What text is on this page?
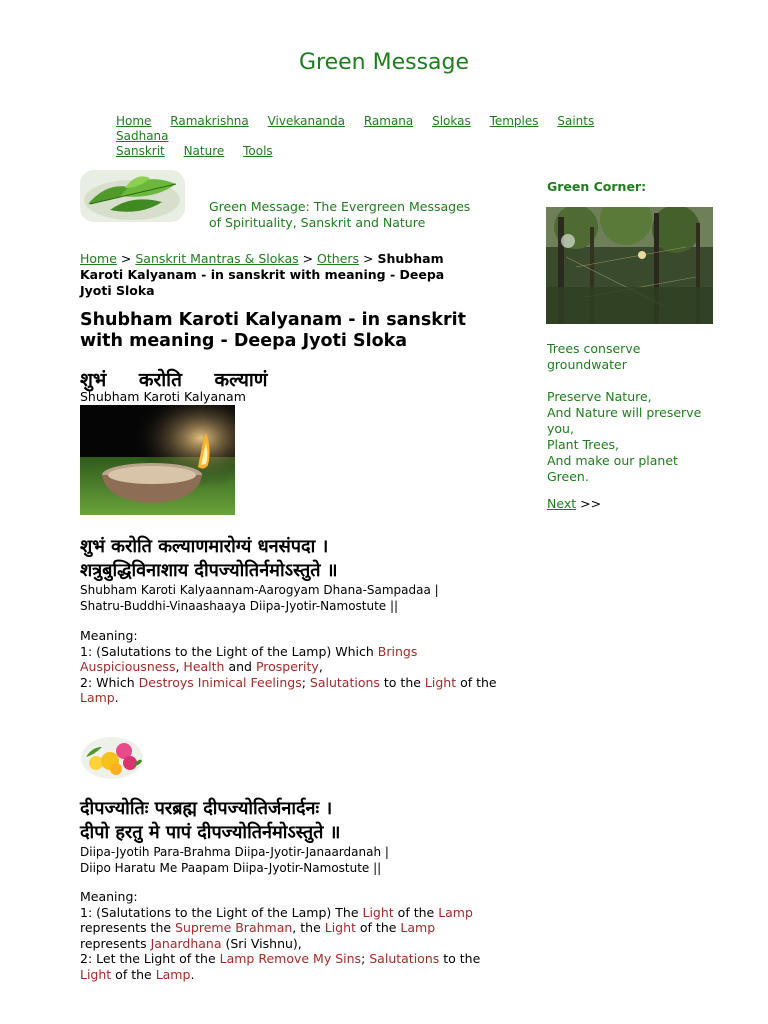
Green Message
Home Ramakrishna Vivekananda Ramana Slokas Temples Saints Sadhana
Sanskrit Nature Tools
Green Message: The Evergreen Messages
of Spirituality, Sanskrit and Nature
Home > Sanskrit Mantras & Slokas > Others > Shubham Karoti Kalyanam - in sanskrit with meaning - Deepa Jyoti Sloka
Shubham Karoti Kalyanam - in sanskrit with meaning - Deepa Jyoti Sloka
शुभं करोति कल्याणं
Shubham Karoti Kalyanam
शुभं करोति कल्याणमारोग्यं धनसंपदा ।
शत्रुबुद्धिविनाशाय दीपज्योतिर्नमोऽस्तुते ॥
Shubham Karoti Kalyaannam-Aarogyam Dhana-Sampadaa |
Shatru-Buddhi-Vinaashaaya Diipa-Jyotir-Namostute ||
Meaning:
1: (Salutations to the Light of the Lamp) Which Brings Auspiciousness, Health and Prosperity,
2: Which Destroys Inimical Feelings; Salutations to the Light of the Lamp.
दीपज्योतिः परब्रह्म दीपज्योतिर्जनार्दनः ।
दीपो हरतु मे पापं दीपज्योतिर्नमोऽस्तुते ॥
Diipa-Jyotih Para-Brahma Diipa-Jyotir-Janaardanah |
Diipo Haratu Me Paapam Diipa-Jyotir-Namostute ||
Meaning:
1: (Salutations to the Light of the Lamp) The Light of the Lamp represents the Supreme Brahman, the Light of the Lamp represents Janardhana (Sri Vishnu),
2: Let the Light of the Lamp Remove My Sins; Salutations to the Light of the Lamp.
Green Corner:
Trees conserve groundwater
Preserve Nature,
And Nature will preserve you,
Plant Trees,
And make our planet Green.
Next >>
